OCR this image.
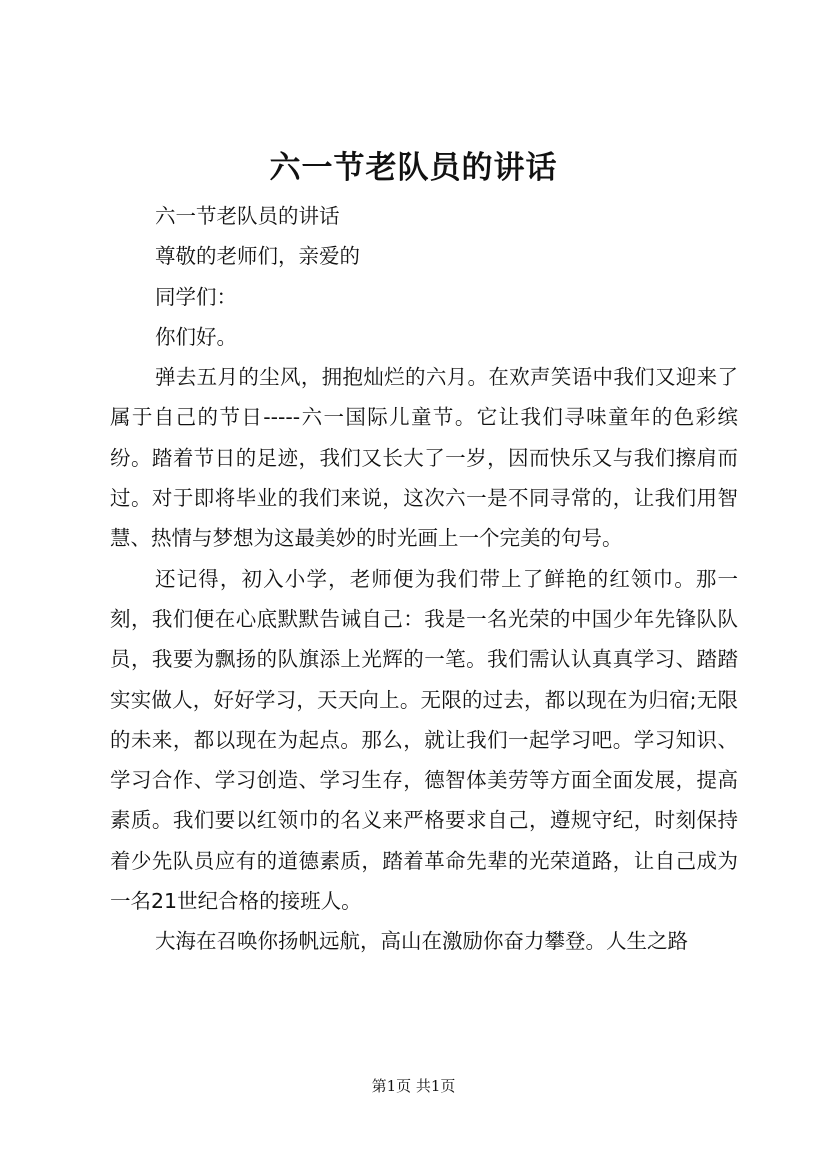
六一节老队员的讲话

六一节老队员的讲话

尊敬的老师们，亲爱的

同学们：

你们好。

弹去五月的尘风，拥抱灿烂的六月。在欢声笑语中我们又迎来了属于自己的节日-----六一国际儿童节。它让我们寻味童年的色彩缤纷。踏着节日的足迹，我们又长大了一岁，因而快乐又与我们擦肩而过。对于即将毕业的我们来说，这次六一是不同寻常的，让我们用智慧、热情与梦想为这最美妙的时光画上一个完美的句号。

还记得，初入小学，老师便为我们带上了鲜艳的红领巾。那一刻，我们便在心底默默告诫自己：我是一名光荣的中国少年先锋队队员，我要为飘扬的队旗添上光辉的一笔。我们需认认真真学习、踏踏实实做人，好好学习，天天向上。无限的过去，都以现在为归宿;无限的未来，都以现在为起点。那么，就让我们一起学习吧。学习知识、学习合作、学习创造、学习生存，德智体美劳等方面全面发展，提高素质。我们要以红领巾的名义来严格要求自己，遵规守纪，时刻保持着少先队员应有的道德素质，踏着革命先辈的光荣道路，让自己成为一名21世纪合格的接班人。

大海在召唤你扬帆远航，高山在激励你奋力攀登。人生之路

第1页 共1页
